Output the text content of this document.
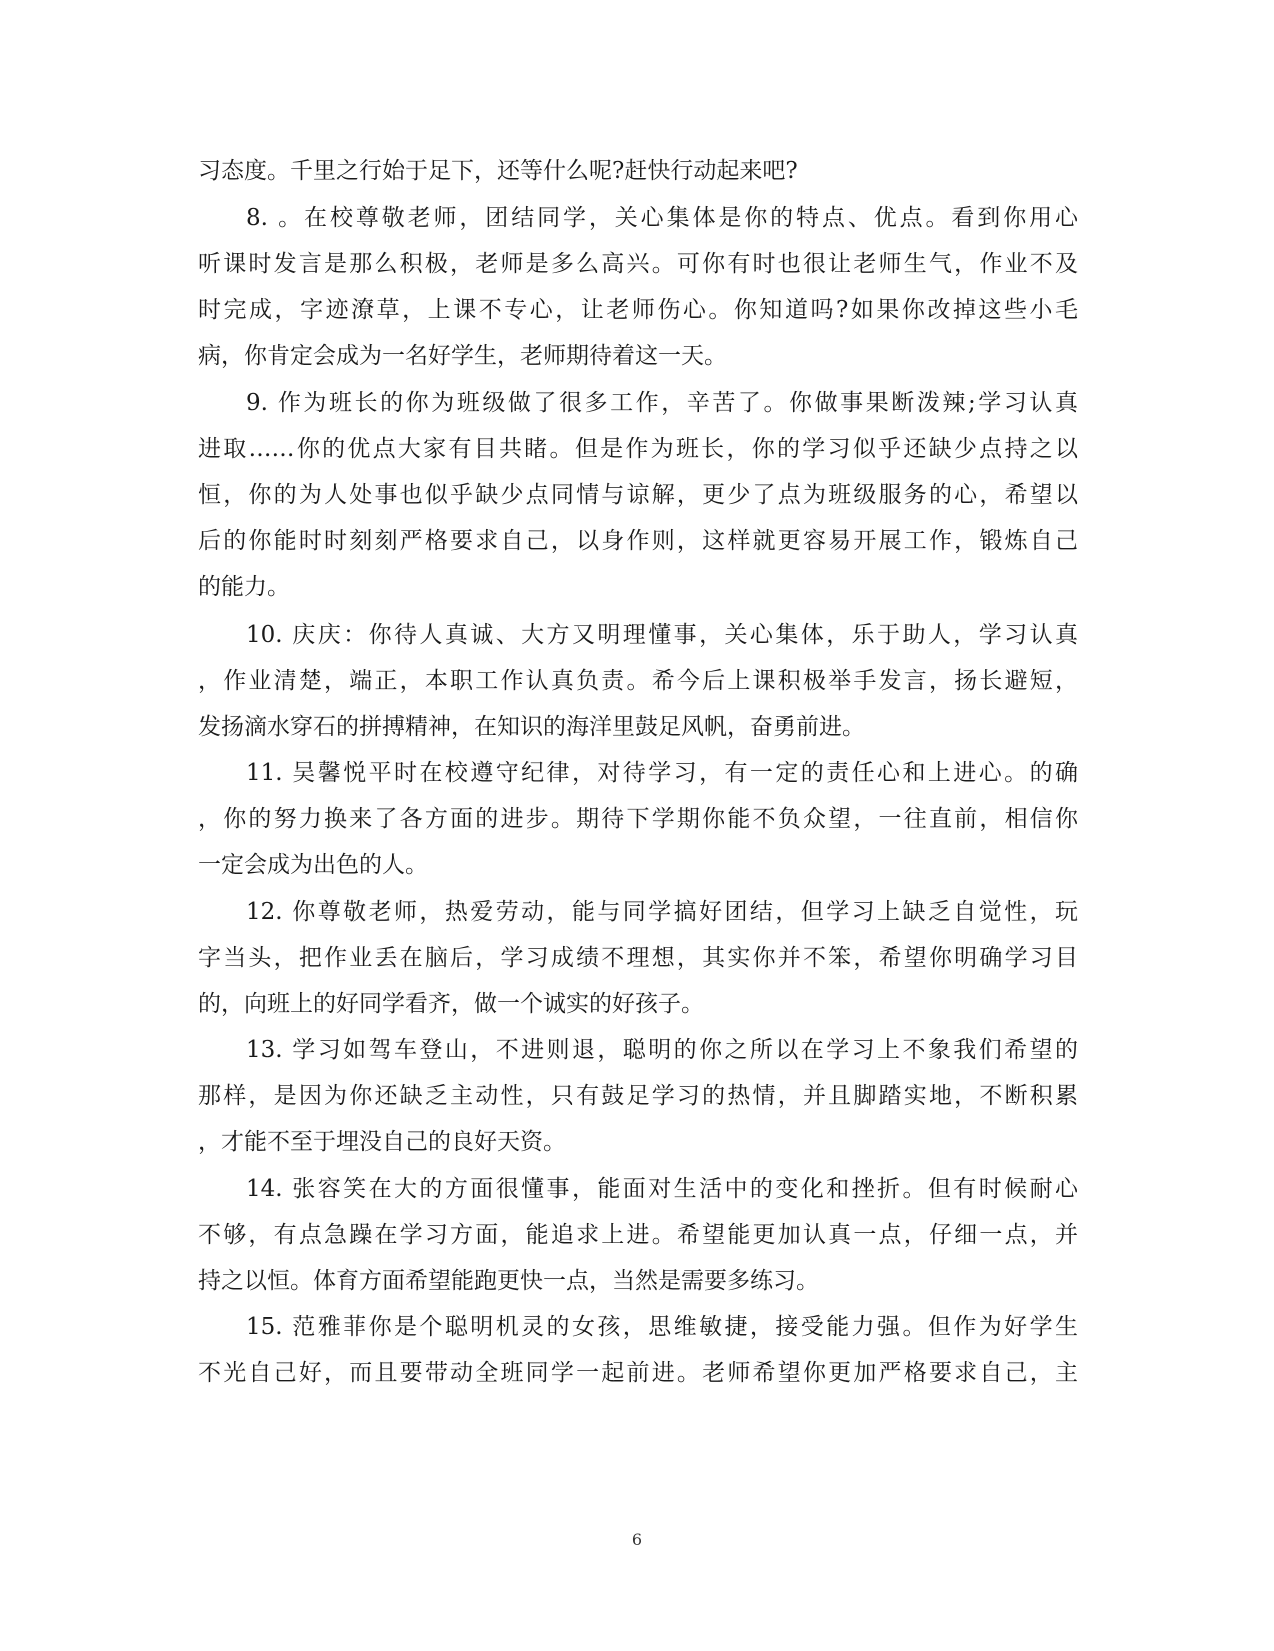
习态度。千里之行始于足下，还等什么呢?赶快行动起来吧?
8. 。在校尊敬老师，团结同学，关心集体是你的特点、优点。看到你用心
听课时发言是那么积极，老师是多么高兴。可你有时也很让老师生气，作业不及
时完成，字迹潦草，上课不专心，让老师伤心。你知道吗?如果你改掉这些小毛
病，你肯定会成为一名好学生，老师期待着这一天。
9. 作为班长的你为班级做了很多工作，辛苦了。你做事果断泼辣;学习认真
进取……你的优点大家有目共睹。但是作为班长，你的学习似乎还缺少点持之以
恒，你的为人处事也似乎缺少点同情与谅解，更少了点为班级服务的心，希望以
后的你能时时刻刻严格要求自己，以身作则，这样就更容易开展工作，锻炼自己
的能力。
10. 庆庆：你待人真诚、大方又明理懂事，关心集体，乐于助人，学习认真
，作业清楚，端正，本职工作认真负责。希今后上课积极举手发言，扬长避短，
发扬滴水穿石的拼搏精神，在知识的海洋里鼓足风帆，奋勇前进。
11. 吴馨悦平时在校遵守纪律，对待学习，有一定的责任心和上进心。的确
，你的努力换来了各方面的进步。期待下学期你能不负众望，一往直前，相信你
一定会成为出色的人。
12. 你尊敬老师，热爱劳动，能与同学搞好团结，但学习上缺乏自觉性，玩
字当头，把作业丢在脑后，学习成绩不理想，其实你并不笨，希望你明确学习目
的，向班上的好同学看齐，做一个诚实的好孩子。
13. 学习如驾车登山，不进则退，聪明的你之所以在学习上不象我们希望的
那样，是因为你还缺乏主动性，只有鼓足学习的热情，并且脚踏实地，不断积累
，才能不至于埋没自己的良好天资。
14. 张容笑在大的方面很懂事，能面对生活中的变化和挫折。但有时候耐心
不够，有点急躁在学习方面，能追求上进。希望能更加认真一点，仔细一点，并
持之以恒。体育方面希望能跑更快一点，当然是需要多练习。
15. 范雅菲你是个聪明机灵的女孩，思维敏捷，接受能力强。但作为好学生
不光自己好，而且要带动全班同学一起前进。老师希望你更加严格要求自己，主
6
